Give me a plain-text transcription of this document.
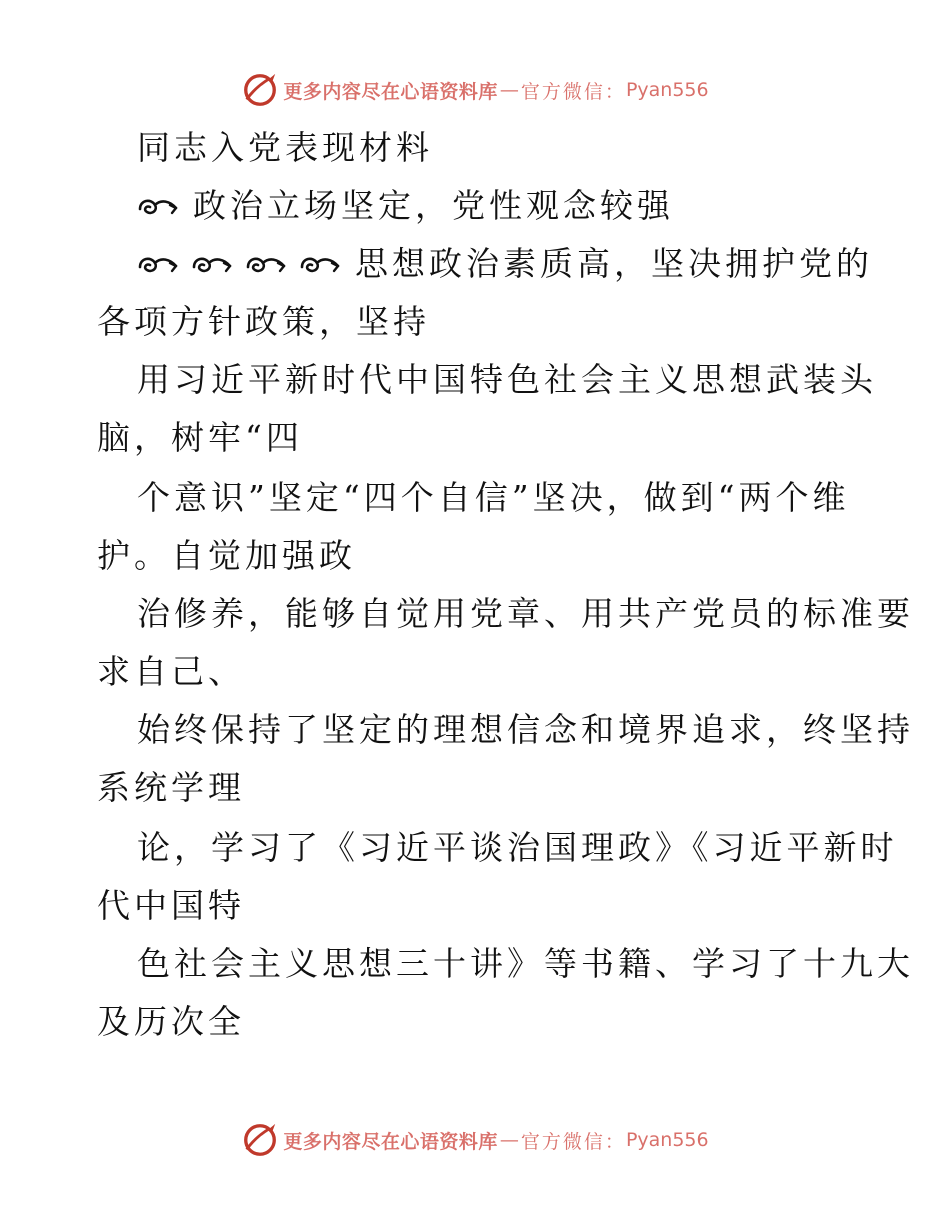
更多内容尽在心语资料库 — 官方微信： Pyan556
同志入党表现材料
政治立场坚定，党性观念较强
思想政治素质高，坚决拥护党的
各项方针政策，坚持
用习近平新时代中国特色社会主义思想武装头
脑，树牢“四
个意识”坚定“四个自信”坚决，做到“两个维
护。自觉加强政
治修养，能够自觉用党章、用共产党员的标准要
求自己、
始终保持了坚定的理想信念和境界追求，终坚持
系统学理
论，学习了《习近平谈治国理政》《习近平新时
代中国特
色社会主义思想三十讲》等书籍、学习了十九大
及历次全
更多内容尽在心语资料库 — 官方微信： Pyan556
